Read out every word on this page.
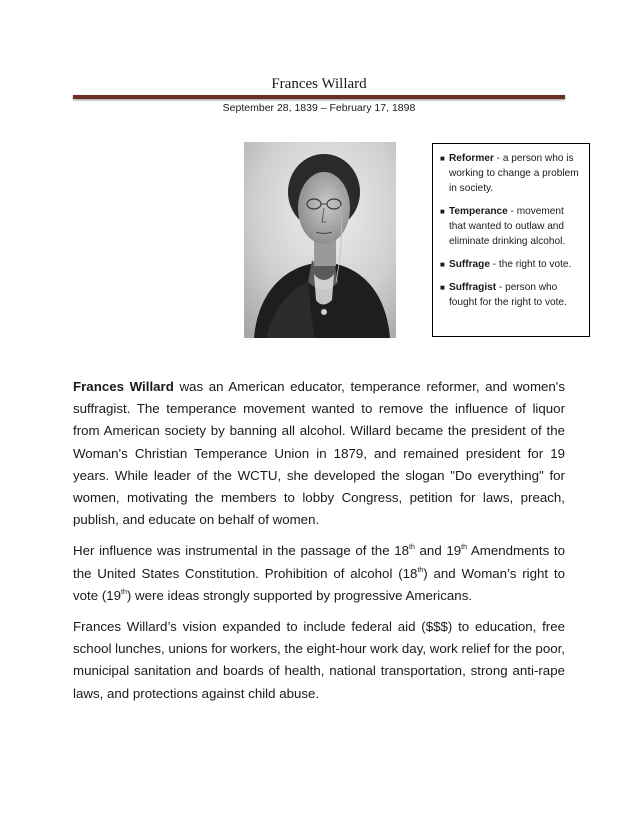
Frances Willard
September 28, 1839 – February 17, 1898
■ Reformer - a person who is working to change a problem in society.
■ Temperance - movement that wanted to outlaw and eliminate drinking alcohol.
■ Suffrage - the right to vote.
■ Suffragist - person who fought for the right to vote.

Frances Willard was an American educator, temperance reformer, and women's suffragist. The temperance movement wanted to remove the influence of liquor from American society by banning all alcohol. Willard became the president of the Woman's Christian Temperance Union in 1879, and remained president for 19 years. While leader of the WCTU, she developed the slogan "Do everything" for women, motivating the members to lobby Congress, petition for laws, preach, publish, and educate on behalf of women.

Her influence was instrumental in the passage of the 18th and 19th Amendments to the United States Constitution. Prohibition of alcohol (18th) and Woman’s right to vote (19th) were ideas strongly supported by progressive Americans.

Frances Willard’s vision expanded to include federal aid ($$$) to education, free school lunches, unions for workers, the eight-hour work day, work relief for the poor, municipal sanitation and boards of health, national transportation, strong anti-rape laws, and protections against child abuse.
